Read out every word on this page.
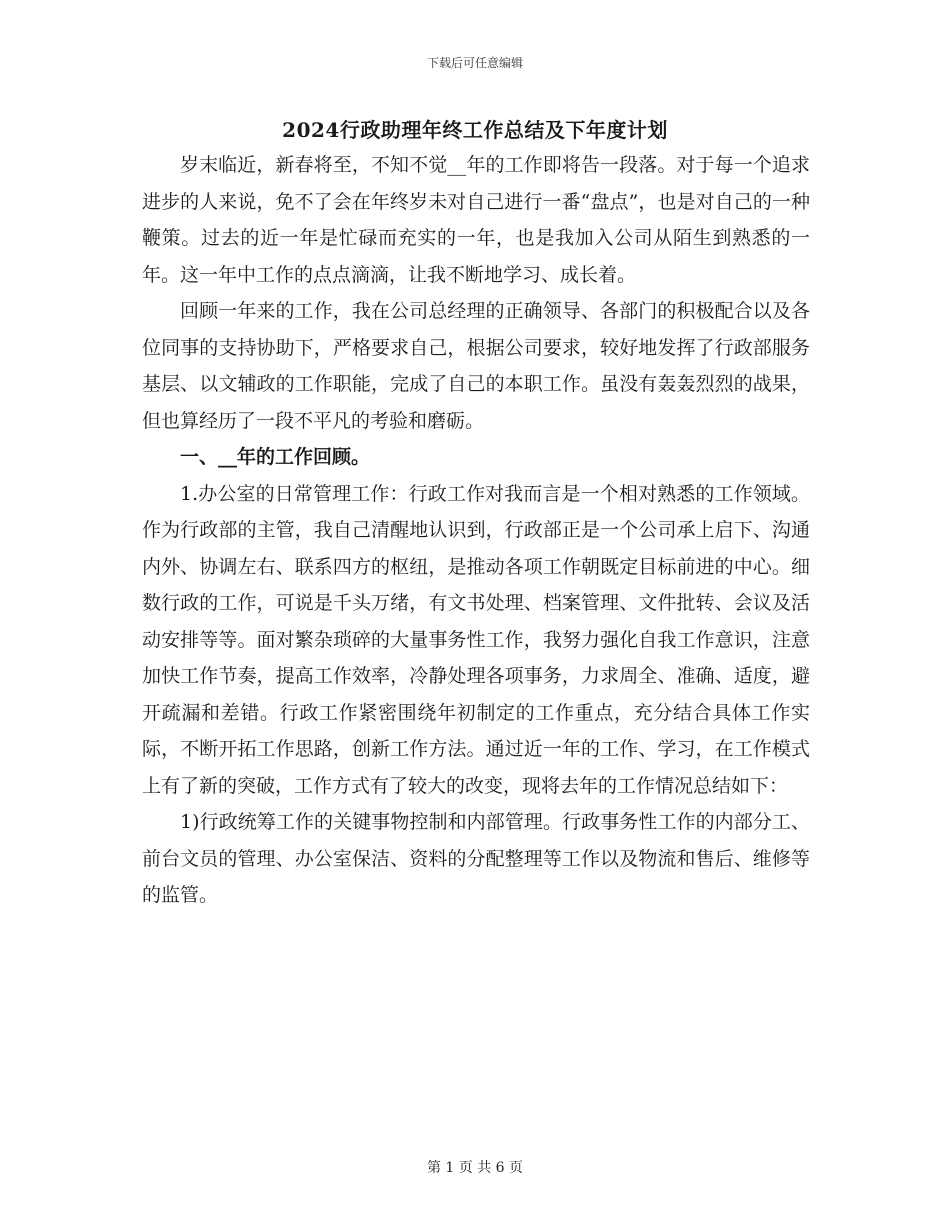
下载后可任意编辑
2024行政助理年终工作总结及下年度计划

岁末临近，新春将至，不知不觉__年的工作即将告一段落。对于每一个追求进步的人来说，免不了会在年终岁未对自己进行一番“盘点”，也是对自己的一种鞭策。过去的近一年是忙碌而充实的一年，也是我加入公司从陌生到熟悉的一年。这一年中工作的点点滴滴，让我不断地学习、成长着。

回顾一年来的工作，我在公司总经理的正确领导、各部门的积极配合以及各位同事的支持协助下，严格要求自己，根据公司要求，较好地发挥了行政部服务基层、以文辅政的工作职能，完成了自己的本职工作。虽没有轰轰烈烈的战果，但也算经历了一段不平凡的考验和磨砺。

一、__年的工作回顾。

1.办公室的日常管理工作：行政工作对我而言是一个相对熟悉的工作领域。作为行政部的主管，我自己清醒地认识到，行政部正是一个公司承上启下、沟通内外、协调左右、联系四方的枢纽，是推动各项工作朝既定目标前进的中心。细数行政的工作，可说是千头万绪，有文书处理、档案管理、文件批转、会议及活动安排等等。面对繁杂琐碎的大量事务性工作，我努力强化自我工作意识，注意加快工作节奏，提高工作效率，冷静处理各项事务，力求周全、准确、适度，避开疏漏和差错。行政工作紧密围绕年初制定的工作重点，充分结合具体工作实际，不断开拓工作思路，创新工作方法。通过近一年的工作、学习，在工作模式上有了新的突破，工作方式有了较大的改变，现将去年的工作情况总结如下：

1)行政统筹工作的关键事物控制和内部管理。行政事务性工作的内部分工、前台文员的管理、办公室保洁、资料的分配整理等工作以及物流和售后、维修等的监管。

第 1 页 共 6 页
